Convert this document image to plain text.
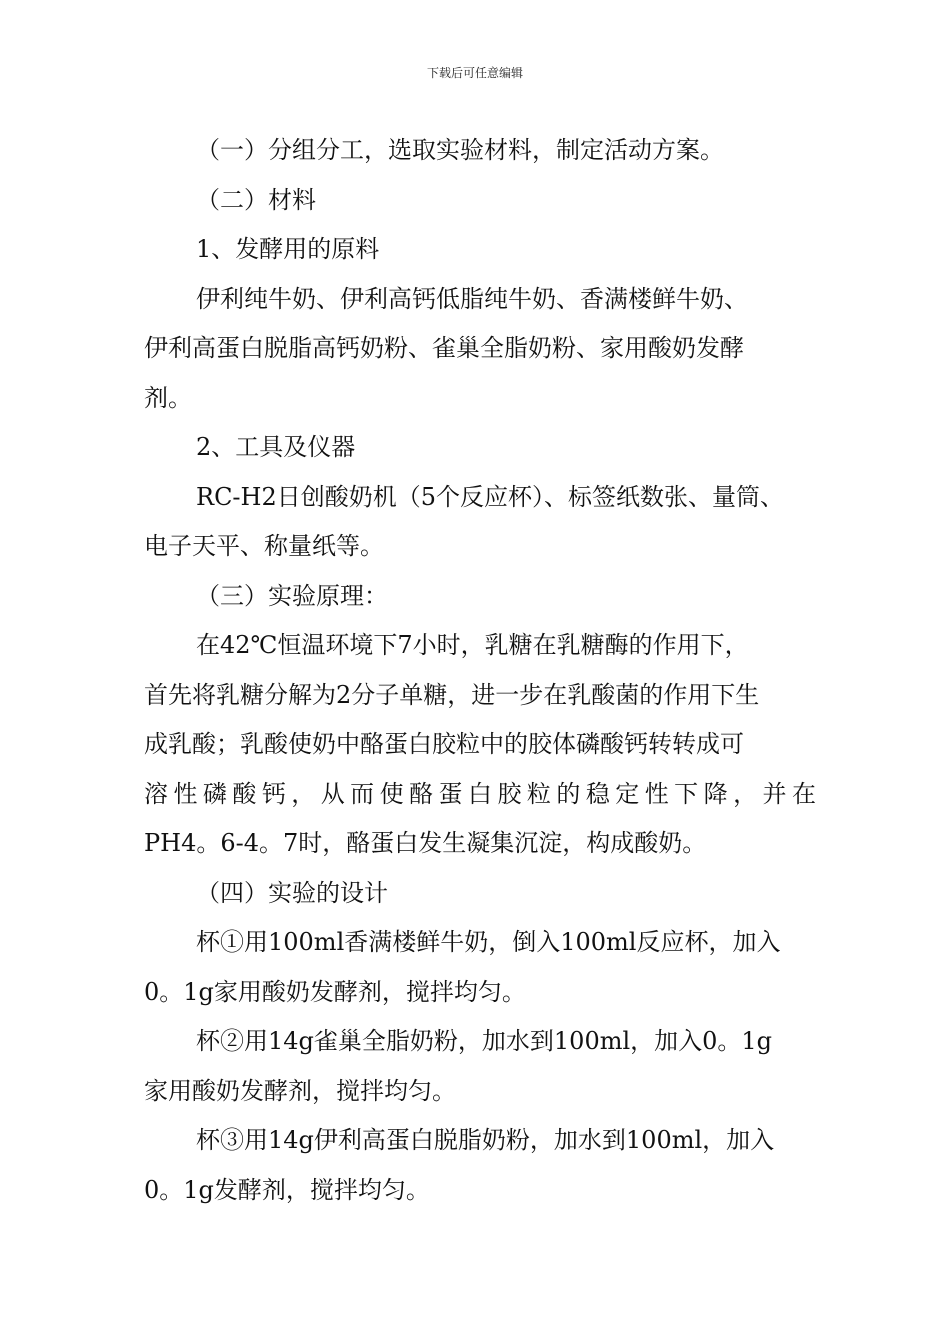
下载后可任意编辑
（一）分组分工，选取实验材料，制定活动方案。
（二）材料
1、发酵用的原料
伊利纯牛奶、伊利高钙低脂纯牛奶、香满楼鲜牛奶、
伊利高蛋白脱脂高钙奶粉、雀巢全脂奶粉、家用酸奶发酵
剂。
2、工具及仪器
RC-H2日创酸奶机（5个反应杯）、标签纸数张、量筒、
电子天平、称量纸等。
（三）实验原理：
在42℃恒温环境下7小时，乳糖在乳糖酶的作用下，
首先将乳糖分解为2分子单糖，进一步在乳酸菌的作用下生
成乳酸；乳酸使奶中酪蛋白胶粒中的胶体磷酸钙转转成可
溶性磷酸钙，从而使酪蛋白胶粒的稳定性下降，并在
PH4。6-4。7时，酪蛋白发生凝集沉淀，构成酸奶。
（四）实验的设计
杯①用100ml香满楼鲜牛奶，倒入100ml反应杯，加入
0。1g家用酸奶发酵剂，搅拌均匀。
杯②用14g雀巢全脂奶粉，加水到100ml，加入0。1g
家用酸奶发酵剂，搅拌均匀。
杯③用14g伊利高蛋白脱脂奶粉，加水到100ml，加入
0。1g发酵剂，搅拌均匀。
